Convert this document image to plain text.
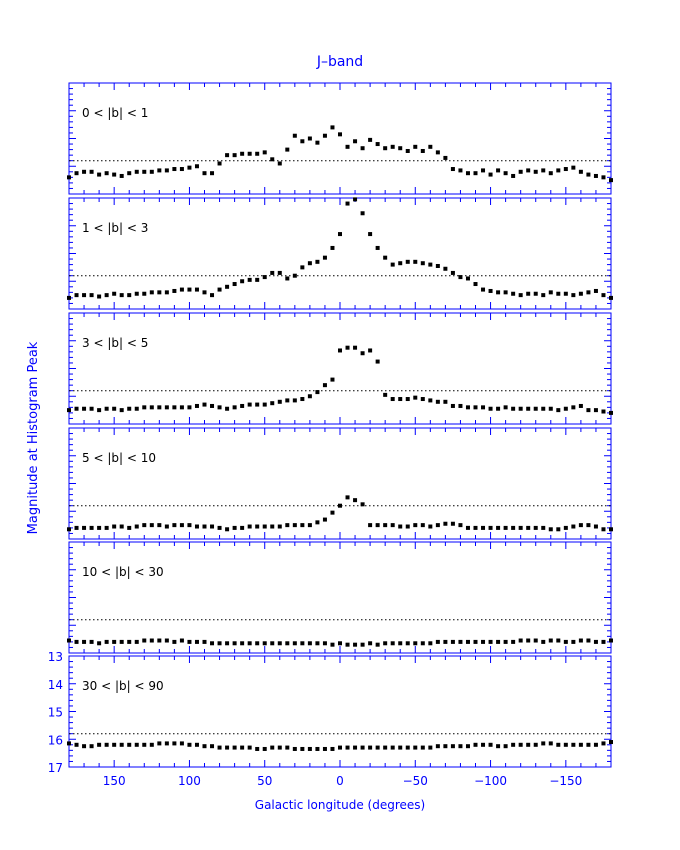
J–band
Magnitude at Histogram Peak
Galactic longitude (degrees)
0 < |b| < 1
1 < |b| < 3
3 < |b| < 5
5 < |b| < 10
10 < |b| < 30
30 < |b| < 90
13
14
15
16
17
150	100	50	0	−50	−100	−150
